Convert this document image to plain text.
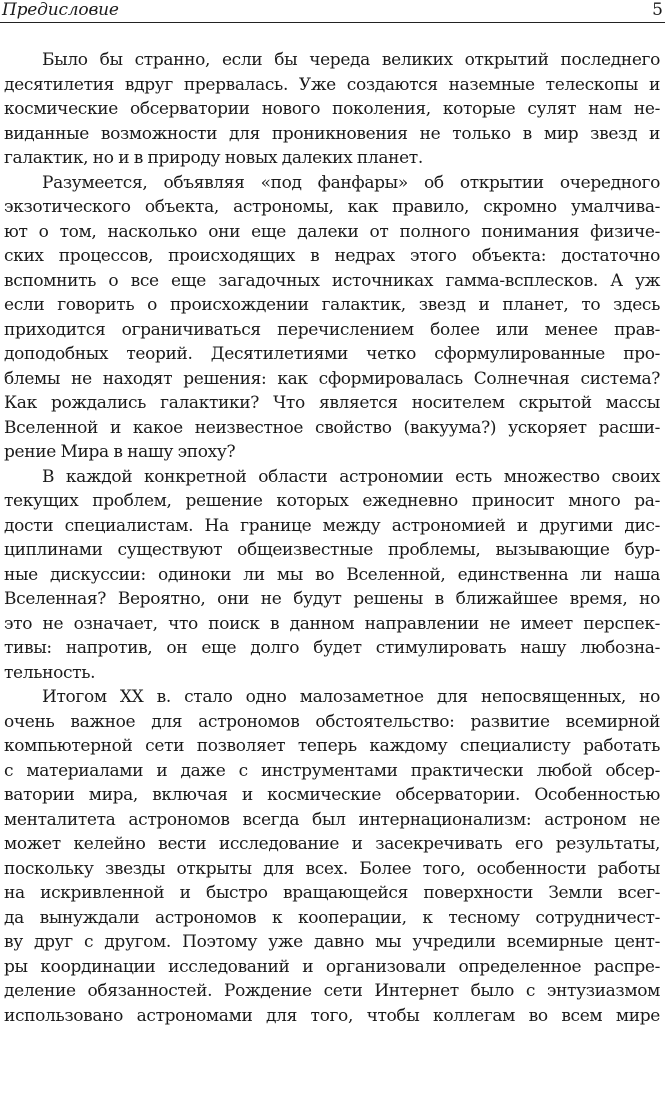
Предисловие	5
Было бы странно, если бы череда великих открытий последнего
десятилетия вдруг прервалась. Уже создаются наземные телескопы и
космические обсерватории нового поколения, которые сулят нам не-
виданные возможности для проникновения не только в мир звезд и
галактик, но и в природу новых далеких планет.
Разумеется, объявляя «под фанфары» об открытии очередного
экзотического объекта, астрономы, как правило, скромно умалчива-
ют о том, насколько они еще далеки от полного понимания физиче-
ских процессов, происходящих в недрах этого объекта: достаточно
вспомнить о все еще загадочных источниках гамма-всплесков. А уж
если говорить о происхождении галактик, звезд и планет, то здесь
приходится ограничиваться перечислением более или менее прав-
доподобных теорий. Десятилетиями четко сформулированные про-
блемы не находят решения: как сформировалась Солнечная система?
Как рождались галактики? Что является носителем скрытой массы
Вселенной и какое неизвестное свойство (вакуума?) ускоряет расши-
рение Мира в нашу эпоху?
В каждой конкретной области астрономии есть множество своих
текущих проблем, решение которых ежедневно приносит много ра-
дости специалистам. На границе между астрономией и другими дис-
циплинами существуют общеизвестные проблемы, вызывающие бур-
ные дискуссии: одиноки ли мы во Вселенной, единственна ли наша
Вселенная? Вероятно, они не будут решены в ближайшее время, но
это не означает, что поиск в данном направлении не имеет перспек-
тивы: напротив, он еще долго будет стимулировать нашу любозна-
тельность.
Итогом XX в. стало одно малозаметное для непосвященных, но
очень важное для астрономов обстоятельство: развитие всемирной
компьютерной сети позволяет теперь каждому специалисту работать
с материалами и даже с инструментами практически любой обсер-
ватории мира, включая и космические обсерватории. Особенностью
менталитета астрономов всегда был интернационализм: астроном не
может келейно вести исследование и засекречивать его результаты,
поскольку звезды открыты для всех. Более того, особенности работы
на искривленной и быстро вращающейся поверхности Земли всег-
да вынуждали астрономов к кооперации, к тесному сотрудничест-
ву друг с другом. Поэтому уже давно мы учредили всемирные цент-
ры координации исследований и организовали определенное распре-
деление обязанностей. Рождение сети Интернет было с энтузиазмом
использовано астрономами для того, чтобы коллегам во всем мире
